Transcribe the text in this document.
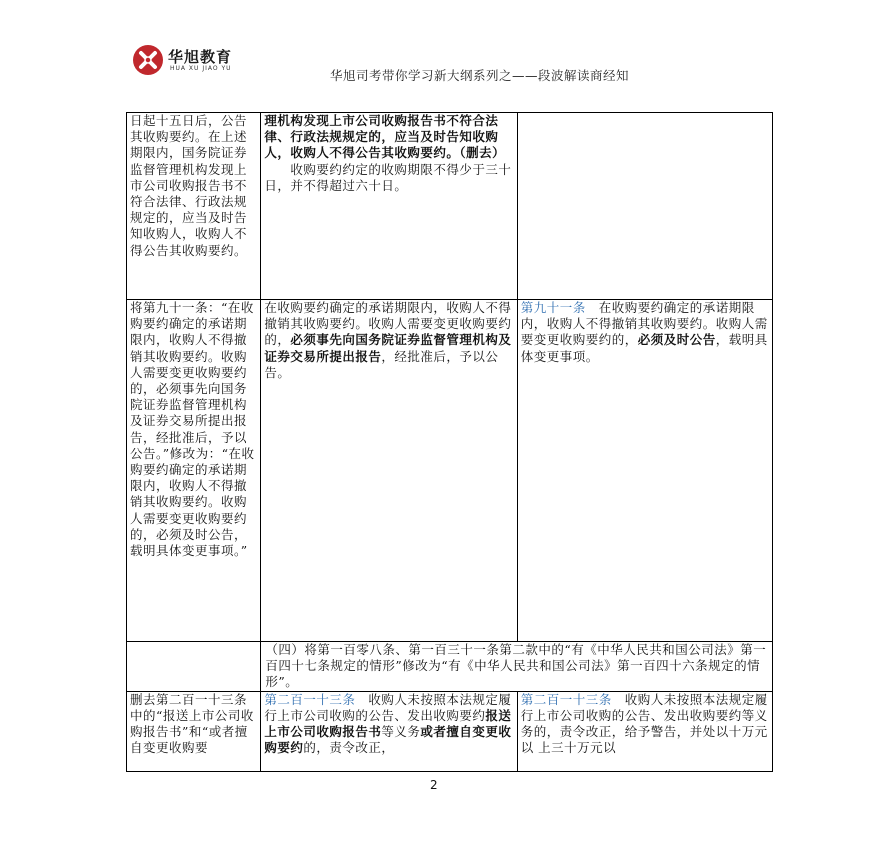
华旭教育
HUA XU JIAO YU	华旭司考带你学习新大纲系列之——段波解读商经知
日起十五日后，公告其收购要约。在上述期限内，国务院证券监督管理机构发现上市公司收购报告书不符合法律、行政法规规定的，应当及时告知收购人，收购人不得公告其收购要约。	理机构发现上市公司收购报告书不符合法律、行政法规规定的，应当及时告知收购人，收购人不得公告其收购要约。（删去）
　　收购要约约定的收购期限不得少于三十日，并不得超过六十日。	
将第九十一条：“在收购要约确定的承诺期限内，收购人不得撤销其收购要约。收购人需要变更收购要约的，必须事先向国务院证券监督管理机构及证券交易所提出报告，经批准后，予以公告。”修改为：“在收购要约确定的承诺期限内，收购人不得撤销其收购要约。收购人需要变更收购要约的，必须及时公告，载明具体变更事项。”	在收购要约确定的承诺期限内，收购人不得撤销其收购要约。收购人需要变更收购要约的，必须事先向国务院证券监督管理机构及证券交易所提出报告，经批准后，予以公告。	第九十一条　在收购要约确定的承诺期限内，收购人不得撤销其收购要约。收购人需要变更收购要约的，必须及时公告，载明具体变更事项。
	（四）将第一百零八条、第一百三十一条第二款中的“有《中华人民共和国公司法》第一百四十七条规定的情形”修改为“有《中华人民共和国公司法》第一百四十六条规定的情形”。	
删去第二百一十三条中的“报送上市公司收购报告书”和“或者擅自变更收购要	第二百一十三条　收购人未按照本法规定履行上市公司收购的公告、发出收购要约报送上市公司收购报告书等义务或者擅自变更收购要约的，责令改正，	第二百一十三条　收购人未按照本法规定履行上市公司收购的公告、发出收购要约等义务的，责令改正，给予警告，并处以十万元以 上三十万元以
2
